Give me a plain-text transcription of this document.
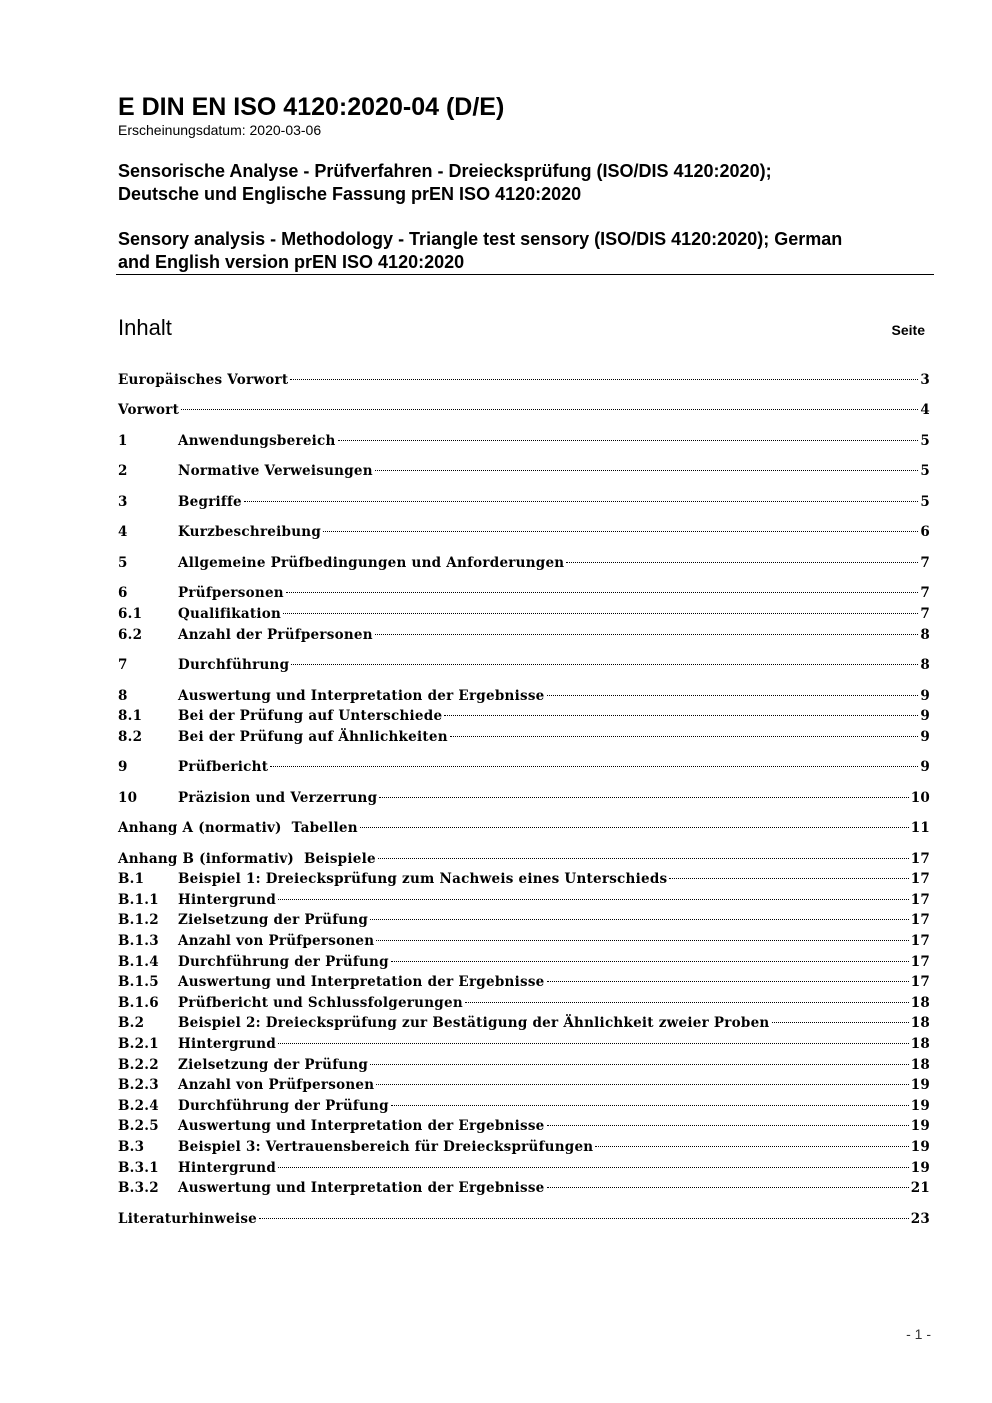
E DIN EN ISO 4120:2020-04 (D/E)
Erscheinungsdatum: 2020-03-06
Sensorische Analyse - Prüfverfahren - Dreiecksprüfung (ISO/DIS 4120:2020);
Deutsche und Englische Fassung prEN ISO 4120:2020
Sensory analysis - Methodology - Triangle test sensory (ISO/DIS 4120:2020); German
and English version prEN ISO 4120:2020
Inhalt	Seite
Europäisches Vorwort	3
Vorwort	4
1	Anwendungsbereich	5
2	Normative Verweisungen	5
3	Begriffe	5
4	Kurzbeschreibung	6
5	Allgemeine Prüfbedingungen und Anforderungen	7
6	Prüfpersonen	7
6.1	Qualifikation	7
6.2	Anzahl der Prüfpersonen	8
7	Durchführung	8
8	Auswertung und Interpretation der Ergebnisse	9
8.1	Bei der Prüfung auf Unterschiede	9
8.2	Bei der Prüfung auf Ähnlichkeiten	9
9	Prüfbericht	9
10	Präzision und Verzerrung	10
Anhang A (normativ)  Tabellen	11
Anhang B (informativ)  Beispiele	17
B.1	Beispiel 1: Dreiecksprüfung zum Nachweis eines Unterschieds	17
B.1.1	Hintergrund	17
B.1.2	Zielsetzung der Prüfung	17
B.1.3	Anzahl von Prüfpersonen	17
B.1.4	Durchführung der Prüfung	17
B.1.5	Auswertung und Interpretation der Ergebnisse	17
B.1.6	Prüfbericht und Schlussfolgerungen	18
B.2	Beispiel 2: Dreiecksprüfung zur Bestätigung der Ähnlichkeit zweier Proben	18
B.2.1	Hintergrund	18
B.2.2	Zielsetzung der Prüfung	18
B.2.3	Anzahl von Prüfpersonen	19
B.2.4	Durchführung der Prüfung	19
B.2.5	Auswertung und Interpretation der Ergebnisse	19
B.3	Beispiel 3: Vertrauensbereich für Dreiecksprüfungen	19
B.3.1	Hintergrund	19
B.3.2	Auswertung und Interpretation der Ergebnisse	21
Literaturhinweise	23
- 1 -
